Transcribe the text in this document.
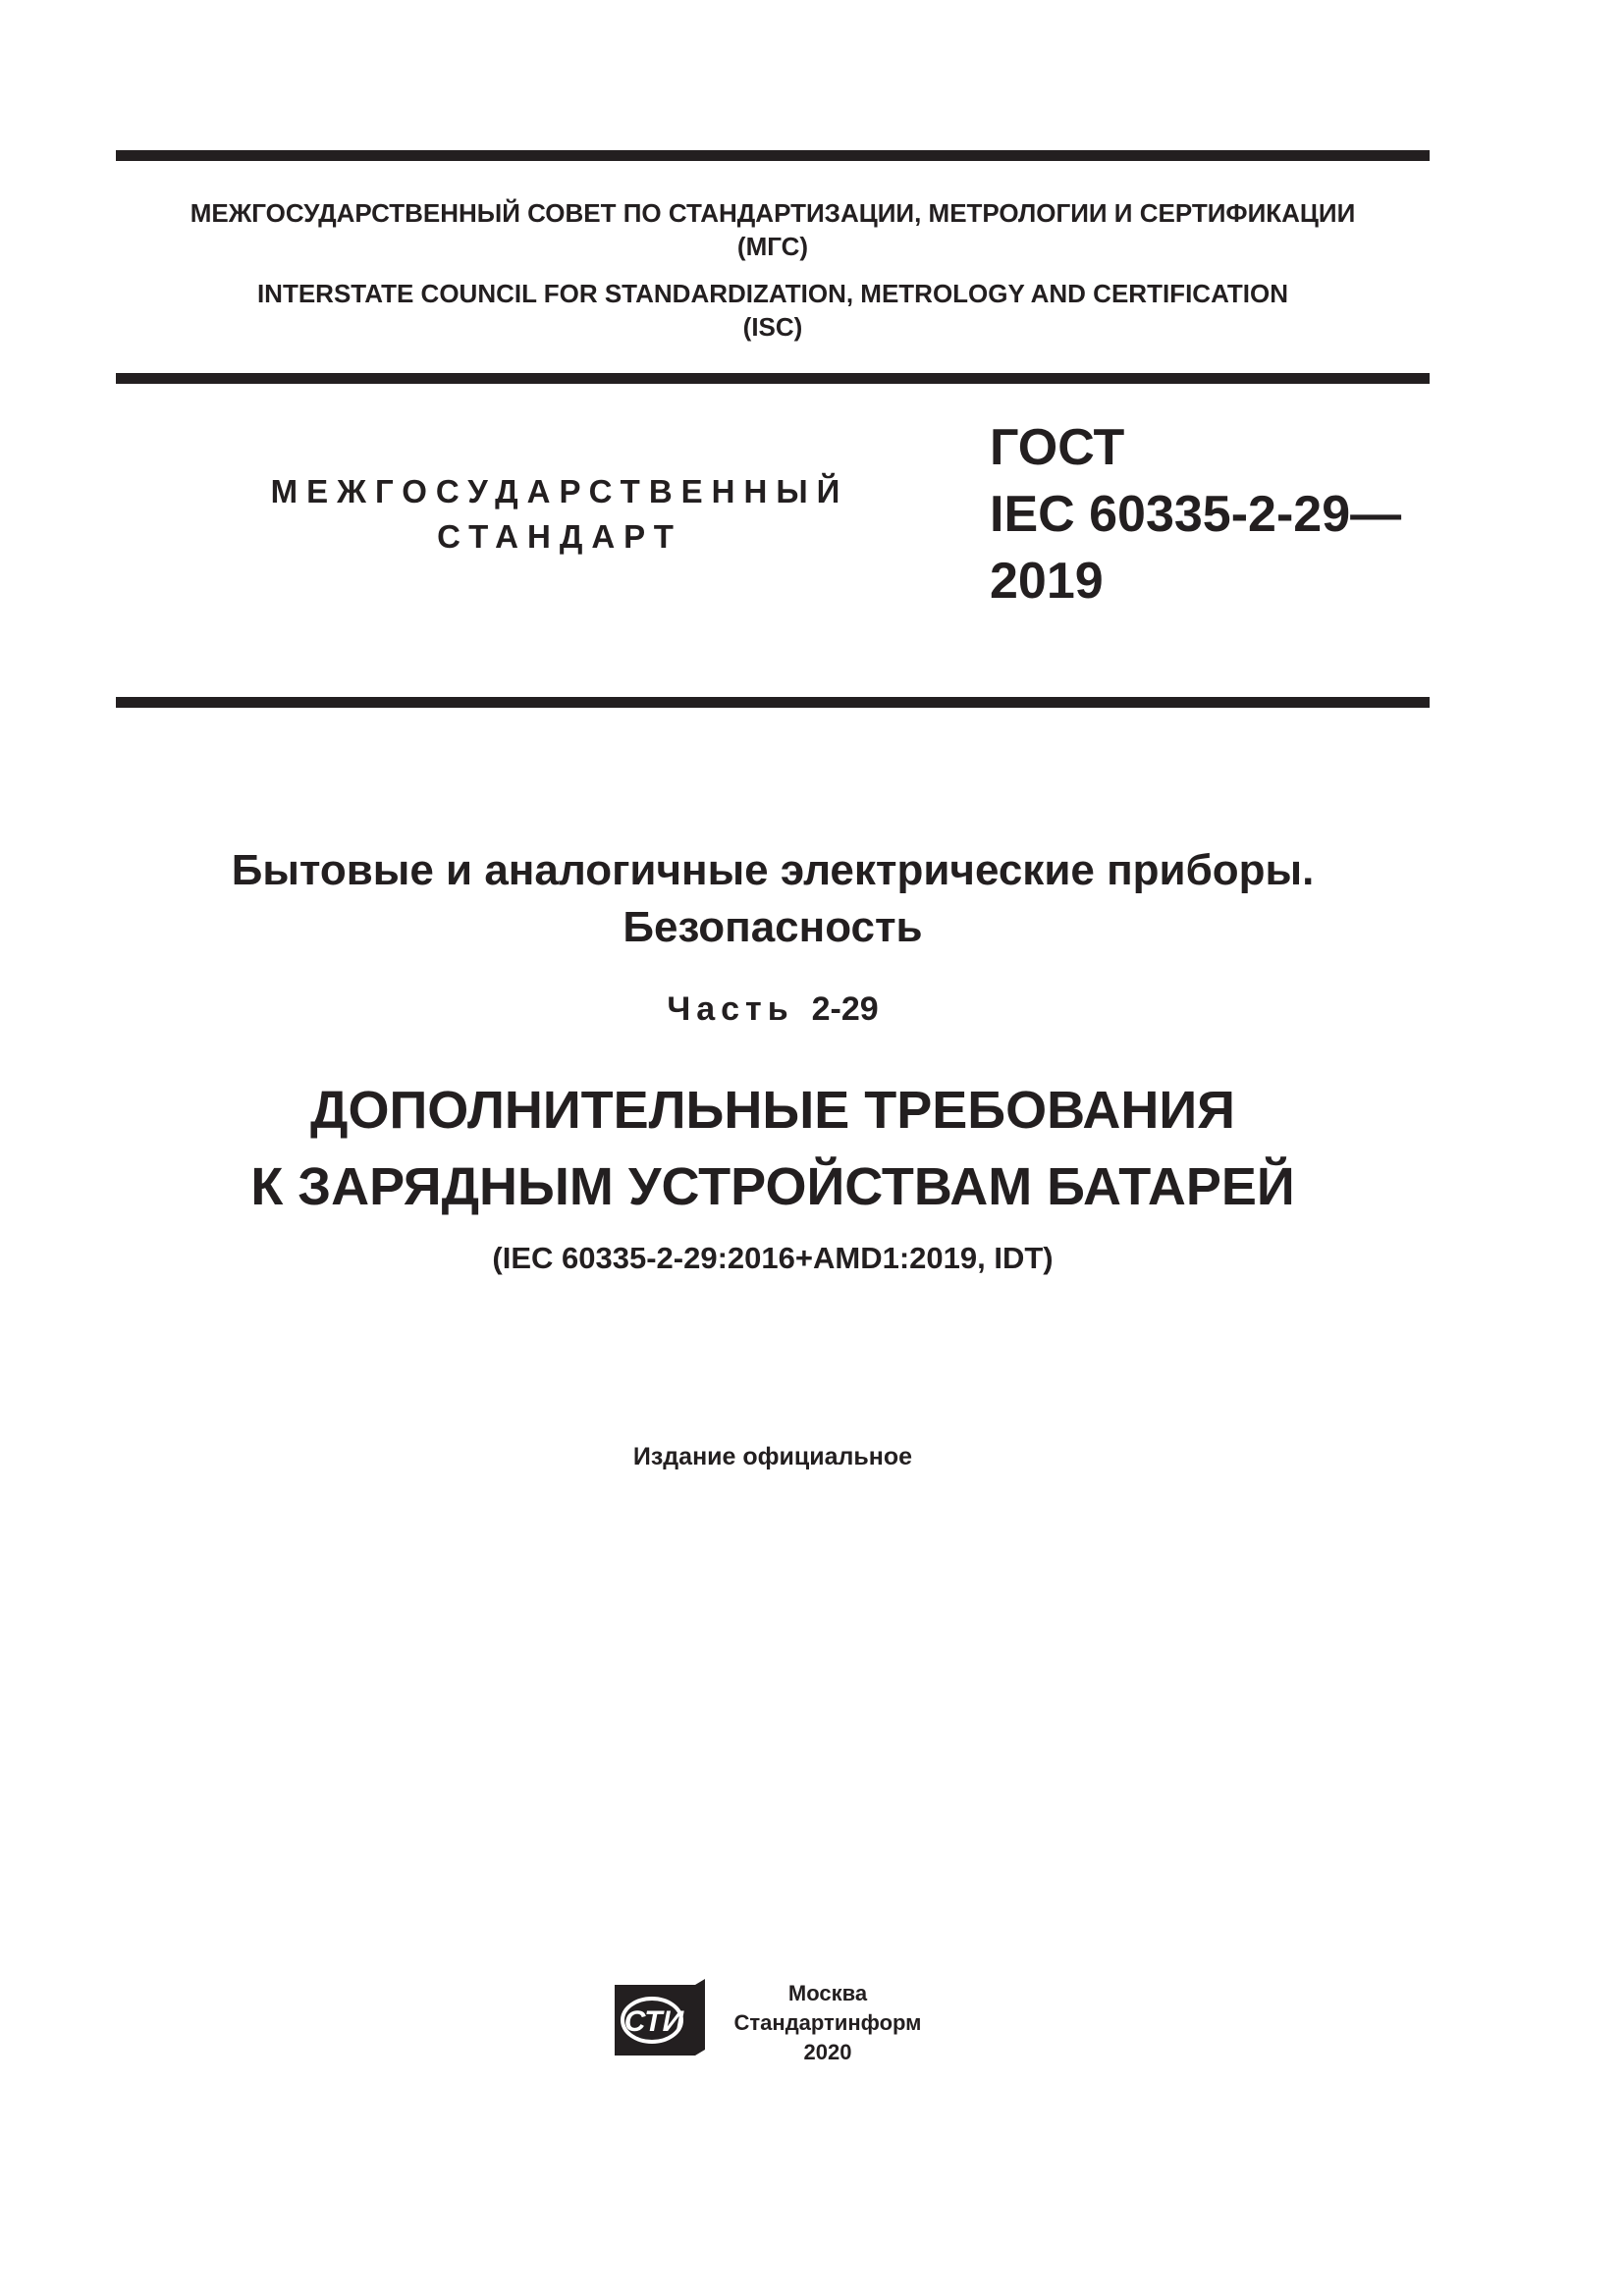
МЕЖГОСУДАРСТВЕННЫЙ СОВЕТ ПО СТАНДАРТИЗАЦИИ, МЕТРОЛОГИИ И СЕРТИФИКАЦИИ
(МГС)
INTERSTATE COUNCIL FOR STANDARDIZATION, METROLOGY AND CERTIFICATION
(ISC)
МЕЖГОСУДАРСТВЕННЫЙ
СТАНДАРТ
ГОСТ
IEC 60335-2-29—
2019
Бытовые и аналогичные электрические приборы.
Безопасность
Часть 2-29
ДОПОЛНИТЕЛЬНЫЕ ТРЕБОВАНИЯ
К ЗАРЯДНЫМ УСТРОЙСТВАМ БАТАРЕЙ
(IEC 60335-2-29:2016+AMD1:2019, IDT)
Издание официальное
СТИ
Москва
Стандартинформ
2020
